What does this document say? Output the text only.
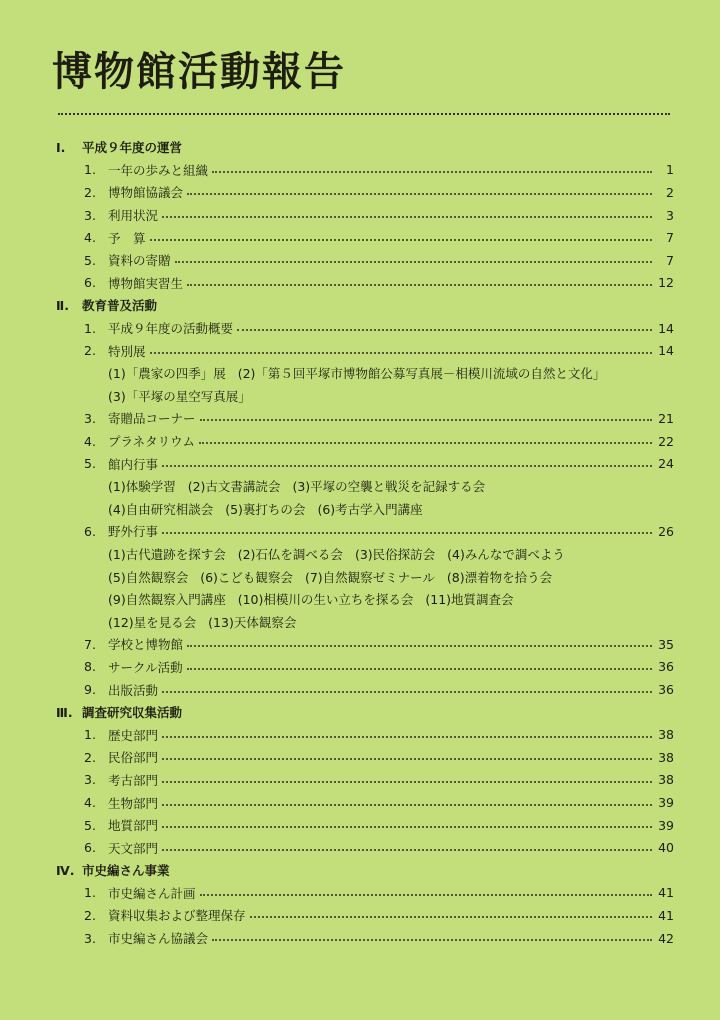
博物館活動報告
Ⅰ.	平成９年度の運営
1. 一年の歩みと組織	1
2. 博物館協議会	2
3. 利用状況	3
4. 予　算	7
5. 資料の寄贈	7
6. 博物館実習生	12
Ⅱ.	教育普及活動
1. 平成９年度の活動概要	14
2. 特別展	14
(1)「農家の四季」展 (2)「第５回平塚市博物館公募写真展－相模川流域の自然と文化」
(3)「平塚の星空写真展」
3. 寄贈品コーナー	21
4. プラネタリウム	22
5. 館内行事	24
(1)体験学習 (2)古文書講読会 (3)平塚の空襲と戦災を記録する会
(4)自由研究相談会 (5)裏打ちの会 (6)考古学入門講座
6. 野外行事	26
(1)古代遺跡を探す会 (2)石仏を調べる会 (3)民俗探訪会 (4)みんなで調べよう
(5)自然観察会 (6)こども観察会 (7)自然観察ゼミナール (8)漂着物を拾う会
(9)自然観察入門講座 (10)相模川の生い立ちを探る会 (11)地質調査会
(12)星を見る会 (13)天体観察会
7. 学校と博物館	35
8. サークル活動	36
9. 出版活動	36
Ⅲ. 調査研究収集活動
1. 歴史部門	38
2. 民俗部門	38
3. 考古部門	38
4. 生物部門	39
5. 地質部門	39
6. 天文部門	40
Ⅳ. 市史編さん事業
1. 市史編さん計画	41
2. 資料収集および整理保存	41
3. 市史編さん協議会	42
